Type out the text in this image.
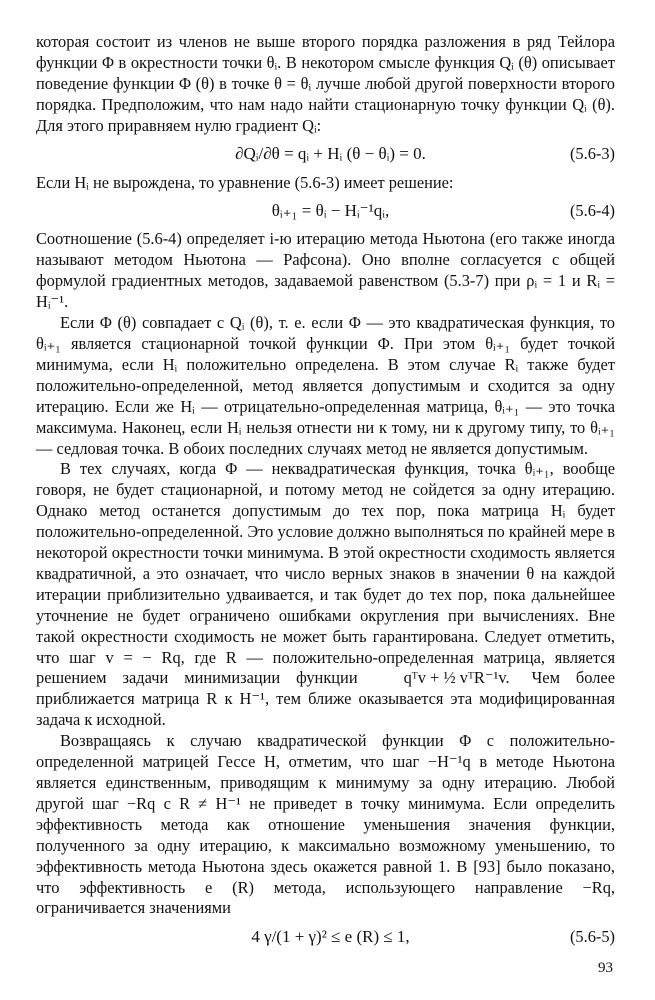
которая состоит из членов не выше второго порядка разложения в ряд Тейлора функции Φ в окрестности точки θᵢ. В некотором смысле функция Qᵢ (θ) описывает поведение функции Φ (θ) в точке θ = θᵢ лучше любой другой поверхности второго порядка. Предположим, что нам надо найти стационарную точку функции Qᵢ (θ). Для этого приравняем нулю градиент Qᵢ:

∂Qᵢ/∂θ = qᵢ + Hᵢ (θ − θᵢ) = 0.	(5.6-3)

Если Hᵢ не вырождена, то уравнение (5.6-3) имеет решение:

θᵢ₊₁ = θᵢ − Hᵢ⁻¹qᵢ,	(5.6-4)

Соотношение (5.6-4) определяет i-ю итерацию метода Ньютона (его также иногда называют методом Ньютона — Рафсона). Оно вполне согласуется с общей формулой градиентных методов, задаваемой равенством (5.3-7) при ρᵢ = 1 и Rᵢ = Hᵢ⁻¹.

Если Φ (θ) совпадает с Qᵢ (θ), т. е. если Φ — это квадратическая функция, то θᵢ₊₁ является стационарной точкой функции Φ. При этом θᵢ₊₁ будет точкой минимума, если Hᵢ положительно определена. В этом случае Rᵢ также будет положительно-определенной, метод является допустимым и сходится за одну итерацию. Если же Hᵢ — отрицательно-определенная матрица, θᵢ₊₁ — это точка максимума. Наконец, если Hᵢ нельзя отнести ни к тому, ни к другому типу, то θᵢ₊₁ — седловая точка. В обоих последних случаях метод не является допустимым.

В тех случаях, когда Φ — неквадратическая функция, точка θᵢ₊₁, вообще говоря, не будет стационарной, и потому метод не сойдется за одну итерацию. Однако метод останется допустимым до тех пор, пока матрица Hᵢ будет положительно-определенной. Это условие должно выполняться по крайней мере в некоторой окрестности точки минимума. В этой окрестности сходимость является квадратичной, а это означает, что число верных знаков в значении θ на каждой итерации приблизительно удваивается, и так будет до тех пор, пока дальнейшее уточнение не будет ограничено ошибками округления при вычислениях. Вне такой окрестности сходимость не может быть гарантирована. Следует отметить, что шаг v = − Rq, где R — положительно-определенная матрица, является решением задачи минимизации функции	qᵀv + ½ vᵀR⁻¹v. Чем более приближается матрица R к H⁻¹, тем ближе оказывается эта модифицированная задача к исходной.

Возвращаясь к случаю квадратической функции Φ с положительно-определенной матрицей Гессе H, отметим, что шаг −H⁻¹q в методе Ньютона является единственным, приводящим к минимуму за одну итерацию. Любой другой шаг −Rq с R ≠ H⁻¹ не приведет в точку минимума. Если определить эффективность метода как отношение уменьшения значения функции, полученного за одну итерацию, к максимально возможному уменьшению, то эффективность метода Ньютона здесь окажется равной 1. В [93] было показано, что эффективность e (R) метода, использующего направление −Rq, ограничивается значениями

4 γ/(1 + γ)² ≤ e (R) ≤ 1,	(5.6-5)
93
